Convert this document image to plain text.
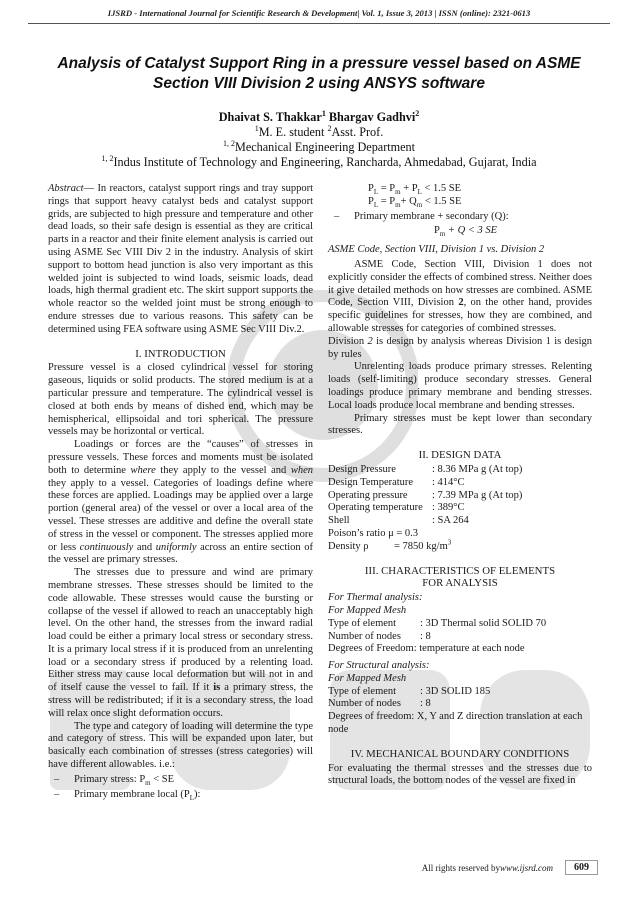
IJSRD - International Journal for Scientific Research & Development| Vol. 1, Issue 3, 2013 | ISSN (online): 2321-0613
Analysis of Catalyst Support Ring in a pressure vessel based on ASME Section VIII Division 2 using ANSYS software
Dhaivat S. Thakkar$^1$ Bhargav Gadhvi$^2$
$^1$M. E. student $^2$Asst. Prof.
$^{1, 2}$Mechanical Engineering Department
$^{1, 2}$Indus Institute of Technology and Engineering, Rancharda, Ahmedabad, Gujarat, India

Abstract— In reactors, catalyst support rings and tray support rings that support heavy catalyst beds and catalyst support grids, are subjected to high pressure and temperature and other dead loads, so their safe design is essential as they are critical parts in a reactor and their finite element analysis is carried out using ASME Sec VIII Div 2 in the industry. Analysis of skirt support to bottom head junction is also very important as this welded joint is subjected to wind loads, seismic loads, dead loads, high thermal gradient etc. The skirt support supports the whole reactor so the welded joint must be strong enough to endure stresses due to various reasons. This safety can be determined using FEA software using ASME Sec VIII Div.2.

I. INTRODUCTION

Pressure vessel is a closed cylindrical vessel for storing gaseous, liquids or solid products. The stored medium is at a particular pressure and temperature. The cylindrical vessel is closed at both ends by means of dished end, which may be hemispherical, ellipsoidal and tori spherical. The pressure vessels may be horizontal or vertical.

Loadings or forces are the “causes” of stresses in pressure vessels. These forces and moments must be isolated both to determine where they apply to the vessel and when they apply to a vessel. Categories of loadings define where these forces are applied. Loadings may be applied over a large portion (general area) of the vessel or over a local area of the vessel. These stresses are additive and define the overall state of stress in the vessel or component. The stresses applied more or less continuously and uniformly across an entire section of the vessel are primary stresses.

The stresses due to pressure and wind are primary membrane stresses. These stresses should be limited to the code allowable. These stresses would cause the bursting or collapse of the vessel if allowed to reach an unacceptably high level. On the other hand, the stresses from the inward radial load could be either a primary local stress or secondary stress. It is a primary local stress if it is produced from an unrelenting load or a secondary stress if produced by a relenting load. Either stress may cause local deformation but will not in and of itself cause the vessel to fail. If it is a primary stress, the stress will be redistributed; if it is a secondary stress, the load will relax once slight deformation occurs.

The type and category of loading will determine the type and category of stress. This will be expanded upon later, but basically each combination of stresses (stress categories) will have different allowables. i.e.:

–	Primary stress: $P_m$ < SE
–	Primary membrane local $(P_L)$:

$P_L = P_m + P_L < 1.5$ SE

$P_L = P_m+ Q_m < 1.5$ SE

–	Primary membrane + secondary (Q):

$P_m + Q < 3$ SE

ASME Code, Section VIII, Division 1 vs. Division 2

ASME Code, Section VIII, Division 1 does not explicitly consider the effects of combined stress. Neither does it give detailed methods on how stresses are combined. ASME Code, Section VIII, Division 2, on the other hand, provides specific guidelines for stresses, how they are combined, and allowable stresses for categories of combined stresses.

Division 2 is design by analysis whereas Division 1 is design by rules

Unrelenting loads produce primary stresses. Relenting loads (self-limiting) produce secondary stresses. General loadings produce primary membrane and bending stresses. Local loads produce local membrane and bending stresses.

Primary stresses must be kept lower than secondary stresses.

II. DESIGN DATA
Design Pressure	: 8.36 MPa g (At top)
Design Temperature	: 414°C
Operating pressure	: 7.39 MPa g (At top)
Operating temperature : 389°C
Shell	: SA 264
Poison’s ratio μ = 0.3
Density ρ	= 7850 $kg/m^3$
III. CHARACTERISTICS OF ELEMENTS FOR ANALYSIS
For Thermal analysis:
For Mapped Mesh
Type of element	: 3D Thermal solid SOLID 70
Number of nodes	: 8
Degrees of Freedom: temperature at each node
For Structural analysis:
For Mapped Mesh
Type of element	: 3D SOLID 185
Number of nodes	: 8
Degrees of freedom: X, Y and Z direction translation at each node
IV. MECHANICAL BOUNDARY CONDITIONS

For evaluating the thermal stresses and the stresses due to structural loads, the bottom nodes of the vessel are fixed in

All rights reserved by www.ijsrd.com	609
